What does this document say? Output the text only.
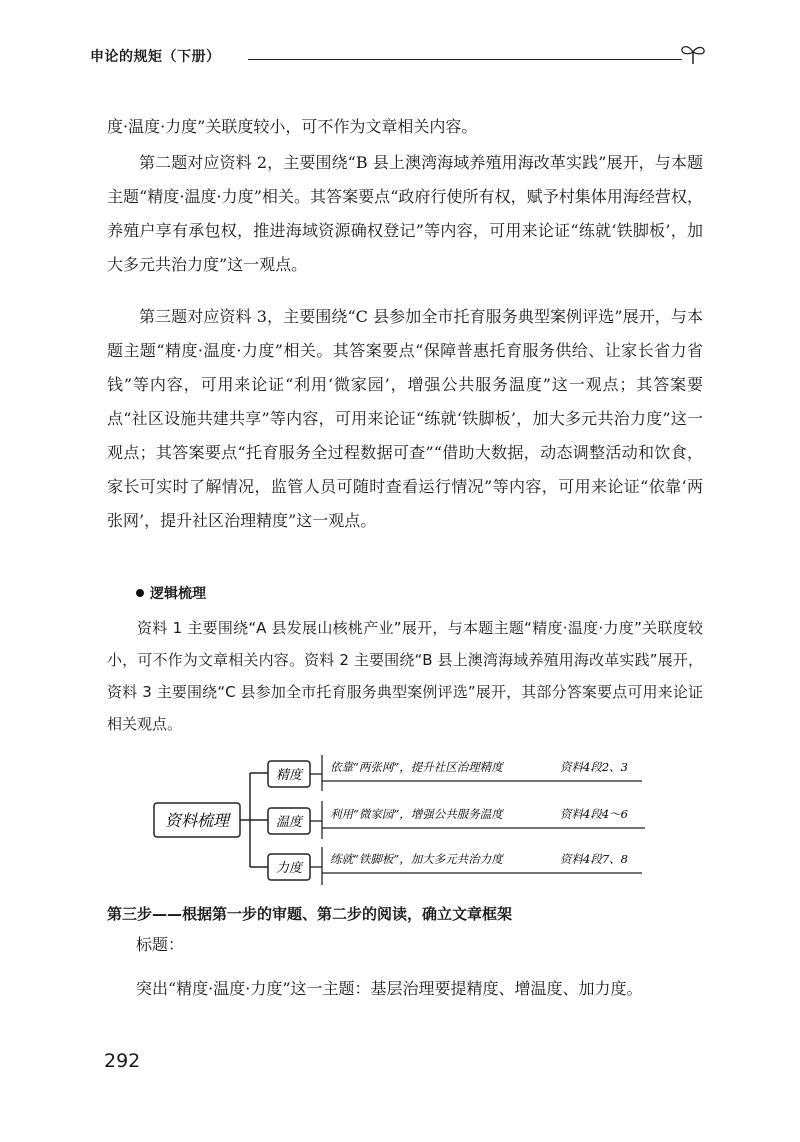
申论的规矩（下册）

度·温度·力度”关联度较小，可不作为文章相关内容。

第二题对应资料 2，主要围绕“B 县上澳湾海域养殖用海改革实践”展开，与本题主题“精度·温度·力度”相关。其答案要点“政府行使所有权，赋予村集体用海经营权，养殖户享有承包权，推进海域资源确权登记”等内容，可用来论证“练就‘铁脚板’，加大多元共治力度”这一观点。

第三题对应资料 3，主要围绕“C 县参加全市托育服务典型案例评选”展开，与本题主题“精度·温度·力度”相关。其答案要点“保障普惠托育服务供给、让家长省力省钱”等内容，可用来论证“利用‘微家园’，增强公共服务温度”这一观点；其答案要点“社区设施共建共享”等内容，可用来论证“练就‘铁脚板’，加大多元共治力度”这一观点；其答案要点“托育服务全过程数据可查”“借助大数据，动态调整活动和饮食，家长可实时了解情况，监管人员可随时查看运行情况”等内容，可用来论证“依靠‘两张网’，提升社区治理精度”这一观点。

逻辑梳理

资料 1 主要围绕“A 县发展山核桃产业”展开，与本题主题“精度·温度·力度”关联度较小，可不作为文章相关内容。资料 2 主要围绕“B 县上澳湾海域养殖用海改革实践”展开，资料 3 主要围绕“C 县参加全市托育服务典型案例评选”展开，其部分答案要点可用来论证相关观点。

资料梳理
精度
依靠“两张网”，提升社区治理精度	资料4段2、3
温度
利用“微家园”，增强公共服务温度	资料4段4～6
力度
练就“铁脚板”，加大多元共治力度	资料4段7、8
第三步——根据第一步的审题、第二步的阅读，确立文章框架
标题：
突出“精度·温度·力度”这一主题：基层治理要提精度、增温度、加力度。
292
